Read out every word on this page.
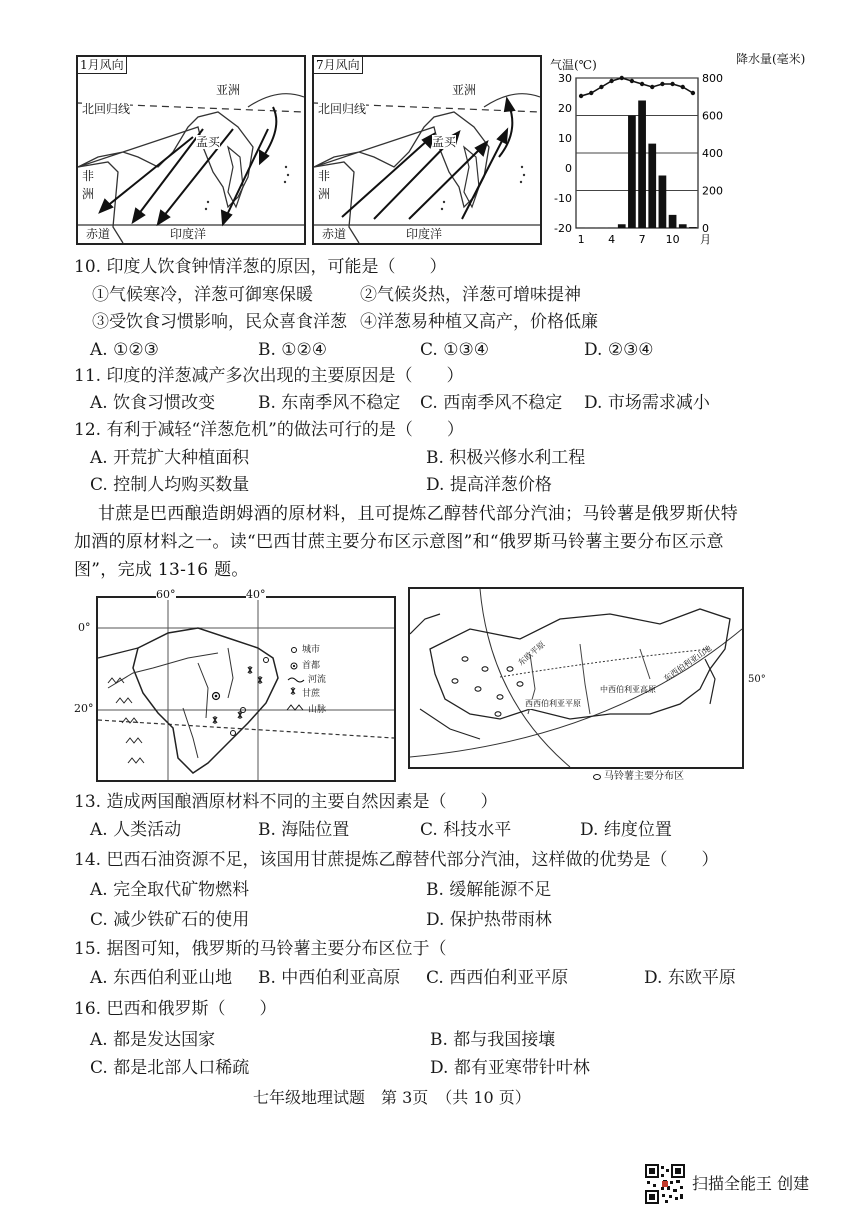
1月风向
亚洲
北回归线
孟买
非
洲
赤道	印度洋
7月风向
亚洲
北回归线
孟买
非
洲
赤道	印度洋
30
20
10
0
-10
-20
800
600
400
200
0
1 4 7 10 月
气温(℃)	降水量(毫米)
10. 印度人饮食钟情洋葱的原因，可能是（　　）
①气候寒冷，洋葱可御寒保暖	②气候炎热，洋葱可增味提神
③受饮食习惯影响，民众喜食洋葱 ④洋葱易种植又高产，价格低廉
A. ①②③	B. ①②④	C. ①③④	D. ②③④
11. 印度的洋葱减产多次出现的主要原因是（　　）
A. 饮食习惯改变	B. 东南季风不稳定 C. 西南季风不稳定 D. 市场需求减小
12. 有利于减轻“洋葱危机”的做法可行的是（　　）
A. 开荒扩大种植面积	B. 积极兴修水利工程
C. 控制人均购买数量	D. 提高洋葱价格
甘蔗是巴西酿造朗姆酒的原材料，且可提炼乙醇替代部分汽油；马铃薯是俄罗斯伏特
加酒的原材料之一。读“巴西甘蔗主要分布区示意图”和“俄罗斯马铃薯主要分布区示意
图”，完成 13-16 题。
60°	40°
0°
20°
城市
首都
河流
甘蔗
山脉
西西伯利亚平原
中西伯利亚高原
东西伯利亚山地
东欧平原
50°
马铃薯主要分布区
13. 造成两国酿酒原材料不同的主要自然因素是（　　）
A. 人类活动	B. 海陆位置	C. 科技水平	D. 纬度位置
14. 巴西石油资源不足，该国用甘蔗提炼乙醇替代部分汽油，这样做的优势是（　　）
A. 完全取代矿物燃料	B. 缓解能源不足
C. 减少铁矿石的使用	D. 保护热带雨林
15. 据图可知，俄罗斯的马铃薯主要分布区位于（
A. 东西伯利亚山地 B. 中西伯利亚高原 C. 西西伯利亚平原	D. 东欧平原
16. 巴西和俄罗斯（　　）
A. 都是发达国家	B. 都与我国接壤
C. 都是北部人口稀疏	D. 都有亚寒带针叶林
七年级地理试题　第 3页　（共 10 页）
扫描全能王 创建
